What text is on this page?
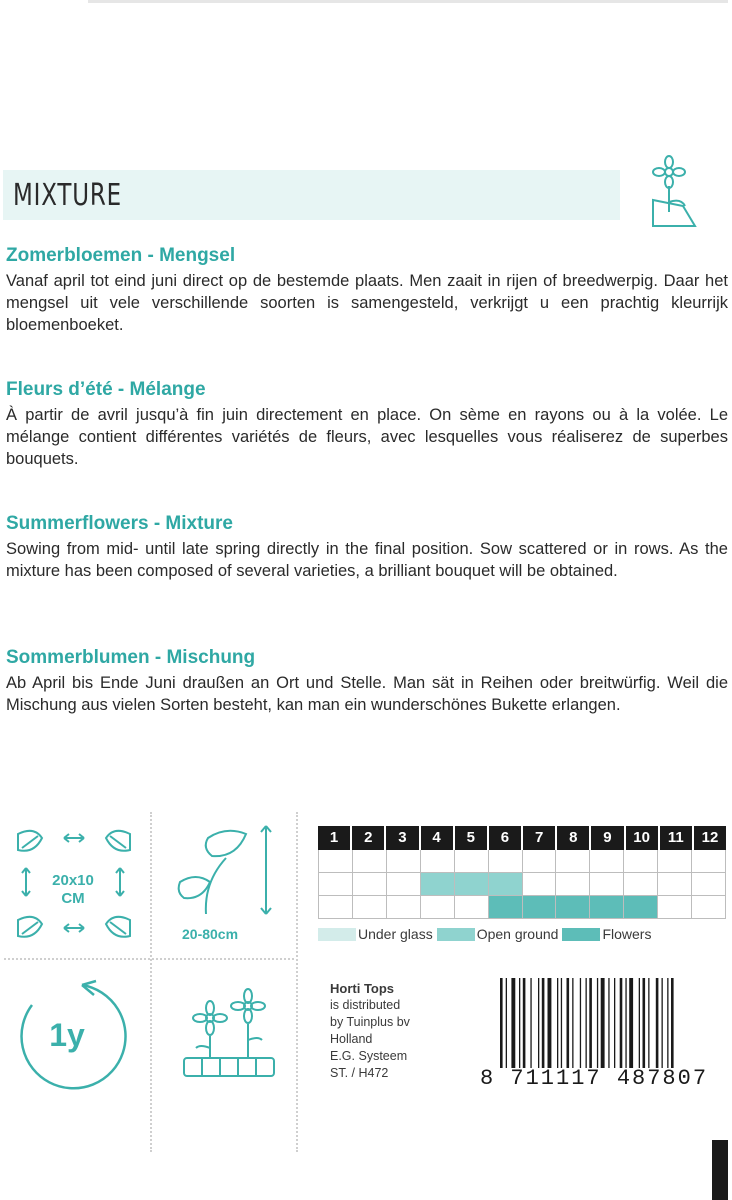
MIXTURE

Zomerbloemen - Mengsel

Vanaf april tot eind juni direct op de bestemde plaats. Men zaait in rijen of breedwerpig. Daar het mengsel uit vele verschillende soorten is samengesteld, verkrijgt u een prachtig kleurrijk bloemenboeket.

Fleurs d’été - Mélange

À partir de avril jusqu’à fin juin directement en place. On sème en rayons ou à la volée. Le mélange contient différentes variétés de fleurs, avec lesquelles vous réaliserez de superbes bouquets.

Summerflowers - Mixture

Sowing from mid- until late spring directly in the final position. Sow scattered or in rows. As the mixture has been composed of several varieties, a brilliant bouquet will be obtained.

Sommerblumen - Mischung

Ab April bis Ende Juni draußen an Ort und Stelle. Man sät in Reihen oder breitwürfig. Weil die Mischung aus vielen Sorten besteht, kan man ein wunderschönes Bukette erlangen.

20x10
CM
20-80cm
1y
1	2	3	4	5	6	7	8	9	10	11	12
Under glass	Open ground	Flowers
Horti Tops
is distributed
by Tuinplus bv
Holland
E.G. Systeem
ST. / H472	8 711117 487807
